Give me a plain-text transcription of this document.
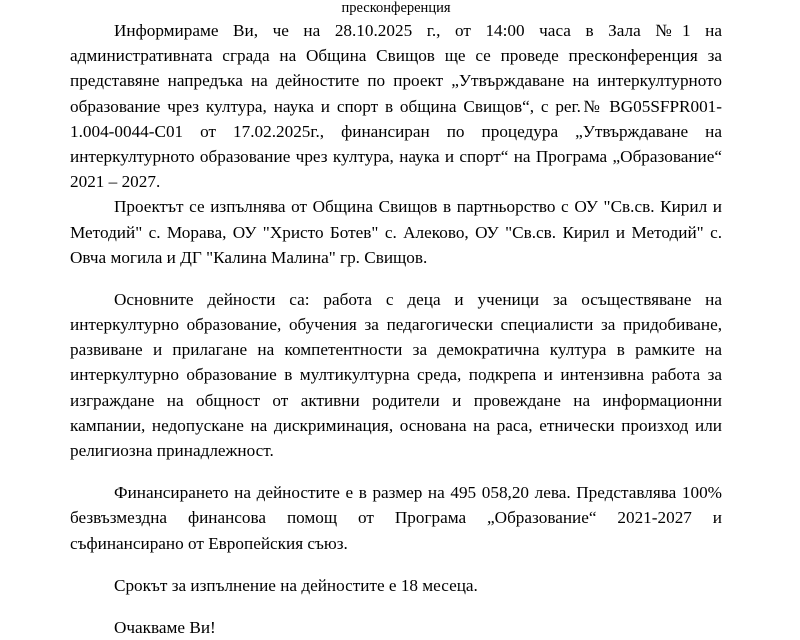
пресконференция

Информираме Ви, че на 28.10.2025 г., от 14:00 часа в Зала №1 на административната сграда на Община Свищов ще се проведе пресконференция за представяне напредъка на дейностите по проект „Утвърждаване на интеркултурното образование чрез култура, наука и спорт в община Свищов“, с рег.№ BG05SFPR001-1.004-0044-C01 от 17.02.2025г., финансиран по процедура „Утвърждаване на интеркултурното образование чрез култура, наука и спорт“ на Програма „Образование“ 2021 – 2027.

Проектът се изпълнява от Община Свищов в партньорство с ОУ "Св.св. Кирил и Методий" с. Морава, ОУ "Христо Ботев" с. Алеково, ОУ "Св.св. Кирил и Методий" с. Овча могила и ДГ "Калина Малина" гр. Свищов.

Основните дейности са: работа с деца и ученици за осъществяване на интеркултурно образование, обучения за педагогически специалисти за придобиване, развиване и прилагане на компетентности за демократична култура в рамките на интеркултурно образование в мултикултурна среда, подкрепа и интензивна работа за изграждане на общност от активни родители и провеждане на информационни кампании, недопускане на дискриминация, основана на раса, етнически произход или религиозна принадлежност.

Финансирането на дейностите е в размер на 495 058,20 лева. Представлява 100% безвъзмездна финансова помощ от Програма „Образование“ 2021-2027 и съфинансирано от Европейския съюз.

Срокът за изпълнение на дейностите е 18 месеца.

Очакваме Ви!
